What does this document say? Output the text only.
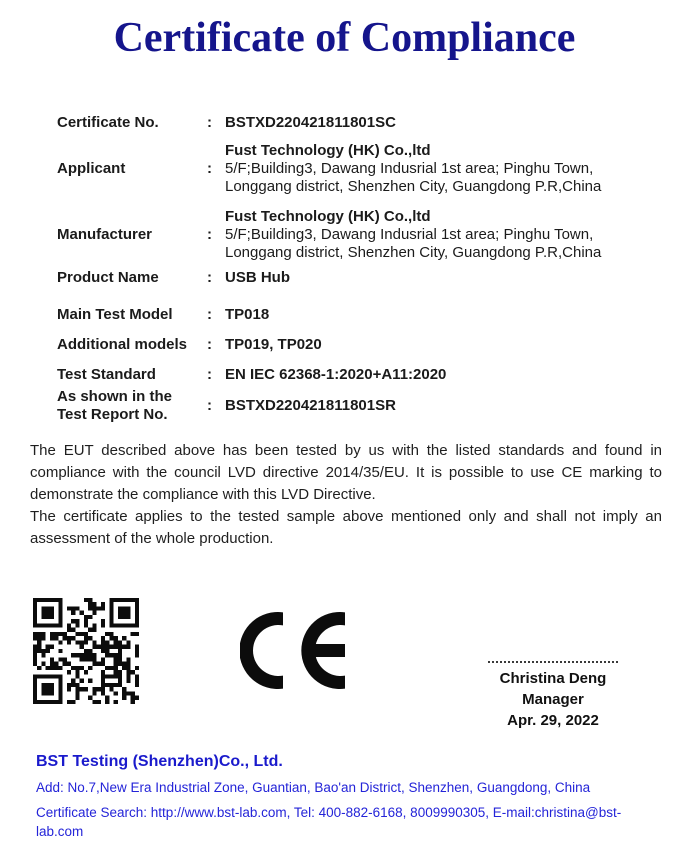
Certificate of Compliance
Certificate No.	: BSTXD220421811801SC
Applicant	:
Fust Technology (HK) Co.,ltd
5/F;Building3, Dawang Indusrial 1st area; Pinghu Town,
Longgang district, Shenzhen City, Guangdong P.R,China
Manufacturer	:
Fust Technology (HK) Co.,ltd
5/F;Building3, Dawang Indusrial 1st area; Pinghu Town,
Longgang district, Shenzhen City, Guangdong P.R,China
Product Name	: USB Hub
Main Test Model	: TP018
Additional models	: TP019, TP020
Test Standard	: EN IEC 62368-1:2020+A11:2020
As shown in the
Test Report No.
: BSTXD220421811801SR

The EUT described above has been tested by us with the listed standards and found in compliance with the council LVD directive 2014/35/EU. It is possible to use CE marking to demonstrate the compliance with this LVD Directive.

The certificate applies to the tested sample above mentioned only and shall not imply an assessment of the whole production.

Christina Deng
Manager
Apr. 29, 2022

BST Testing (Shenzhen)Co., Ltd.

Add: No.7,New Era Industrial Zone, Guantian, Bao'an District, Shenzhen, Guangdong, China

Certificate Search: http://www.bst-lab.com, Tel: 400-882-6168, 8009990305, E-mail:christina@bst-lab.com
